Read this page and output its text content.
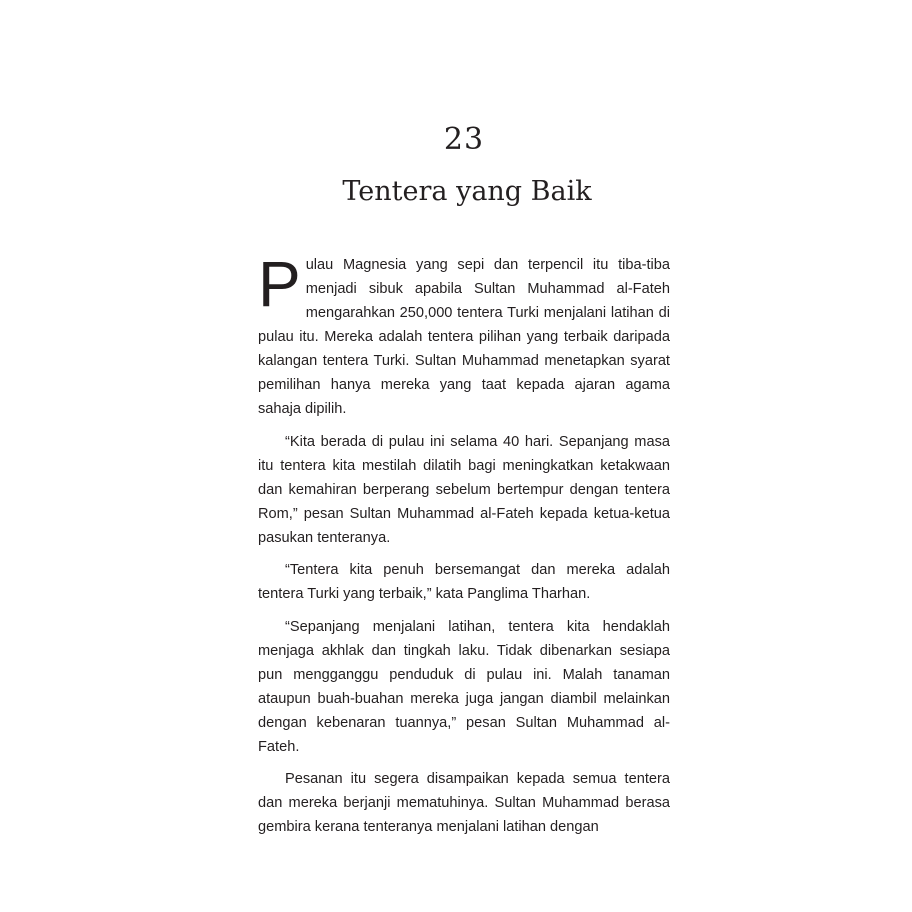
23
Tentera yang Baik

Pulau Magnesia yang sepi dan terpencil itu tiba-tiba menjadi sibuk apabila Sultan Muhammad al-Fateh mengarahkan 250,000 tentera Turki menjalani latihan di pulau itu. Mereka adalah tentera pilihan yang terbaik daripada kalangan tentera Turki. Sultan Muhammad menetapkan syarat pemilihan hanya mereka yang taat kepada ajaran agama sahaja dipilih.

“Kita berada di pulau ini selama 40 hari. Sepanjang masa itu tentera kita mestilah dilatih bagi meningkatkan ketakwaan dan kemahiran berperang sebelum bertempur dengan tentera Rom,” pesan Sultan Muhammad al-Fateh kepada ketua-ketua pasukan tenteranya.

“Tentera kita penuh bersemangat dan mereka adalah tentera Turki yang terbaik,” kata Panglima Tharhan.

“Sepanjang menjalani latihan, tentera kita hendaklah menjaga akhlak dan tingkah laku. Tidak dibenarkan sesiapa pun mengganggu penduduk di pulau ini. Malah tanaman ataupun buah-buahan mereka juga jangan diambil melainkan dengan kebenaran tuannya,” pesan Sultan Muhammad al-Fateh.

Pesanan itu segera disampaikan kepada semua tentera dan mereka berjanji mematuhinya. Sultan Muhammad berasa gembira kerana tenteranya menjalani latihan dengan
